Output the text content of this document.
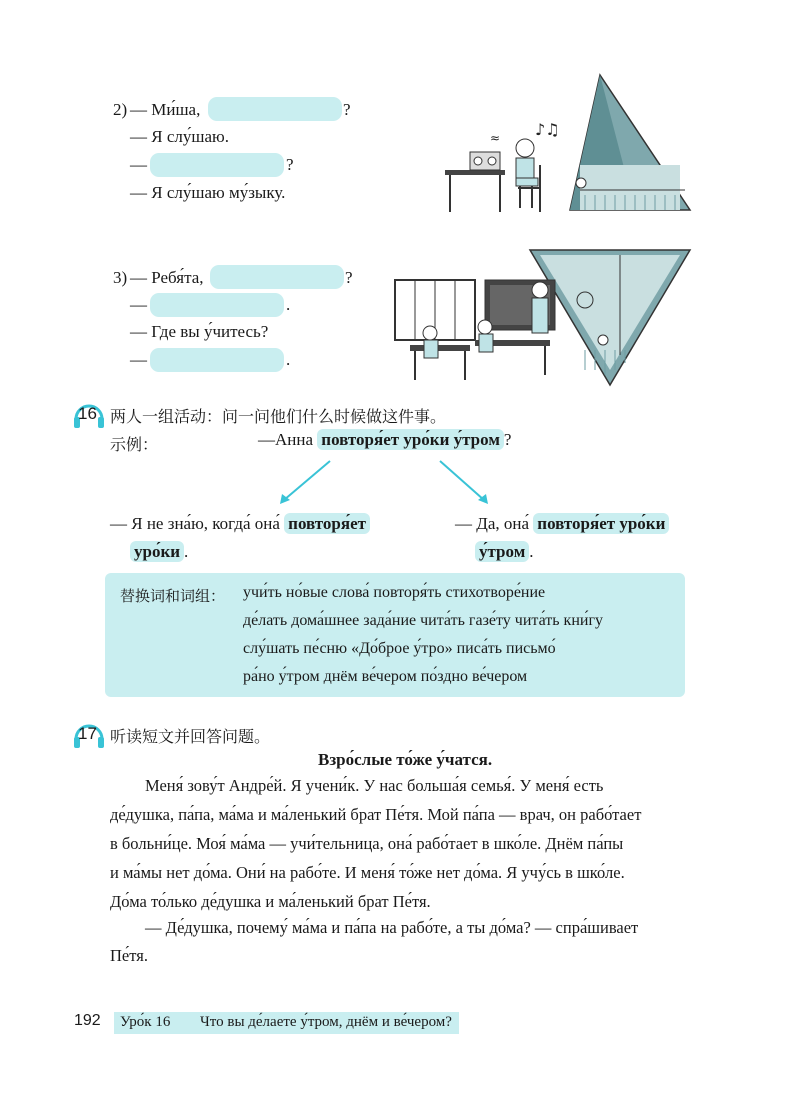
2) — Ми́ша,	?
— Я слу́шаю.
—	?
— Я слу́шаю му́зыку.
♪♫
≈
3) — Ребя́та,	?
—	.
— Где вы у́читесь?
—	.
16 两人一组活动：问一问他们什么时候做这件事。
示例：	—Анна повторя́ет уро́ки у́тром ?
— Я не зна́ю, когда́ она́ повторя́ет
уро́ки .
— Да, она́ повторя́ет уро́ки
у́тром .
替换词和词组： учи́ть но́вые слова́ повторя́ть стихотворе́ние
де́лать дома́шнее зада́ние чита́ть газе́ту чита́ть кни́гу
слу́шать пе́сню «До́брое у́тро» писа́ть письмо́
ра́но у́тром днём ве́чером по́здно ве́чером
17 听读短文并回答问题。
Взро́слые то́же у́чатся.
Меня́ зову́т Андре́й. Я учени́к. У нас больша́я семья́. У меня́ есть
де́душка, па́па, ма́ма и ма́ленький брат Пе́тя. Мой па́па — врач, он рабо́тает
в больни́це. Моя́ ма́ма — учи́тельница, она́ рабо́тает в шко́ле. Днём па́пы
и ма́мы нет до́ма. Они́ на рабо́те. И меня́ то́же нет до́ма. Я учу́сь в шко́ле.
До́ма то́лько де́душка и ма́ленький брат Пе́тя.
— Де́душка, почему́ ма́ма и па́па на рабо́те, а ты до́ма? — спра́шивает
Пе́тя.
192 Уро́к 16 Что вы де́лаете у́тром, днём и ве́чером?
